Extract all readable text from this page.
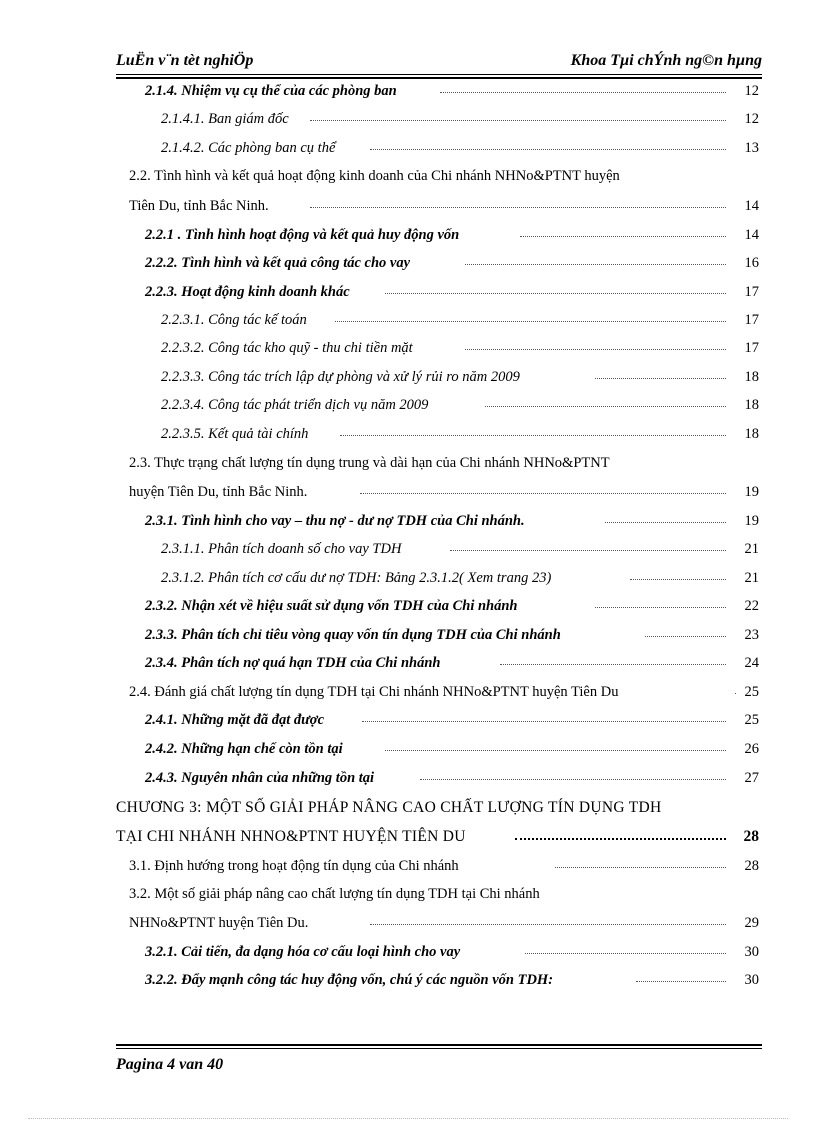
LuËn v¨n tèt nghiÖp	Khoa Tµi chÝnh ng©n hµng
2.1.4. Nhiệm vụ cụ thể của các phòng ban	12
2.1.4.1. Ban giám đốc	12
2.1.4.2. Các phòng ban cụ thể	13
2.2. Tình hình và kết quả hoạt động kinh doanh của Chi nhánh NHNo&PTNT huyện
Tiên Du, tỉnh Bắc Ninh.	14
2.2.1 . Tình hình hoạt động và kết quả huy động vốn	14
2.2.2. Tình hình và kết quả công tác cho vay	16
2.2.3. Hoạt động kinh doanh khác	17
2.2.3.1. Công tác kế toán	17
2.2.3.2. Công tác kho quỹ - thu chi tiền mặt	17
2.2.3.3. Công tác trích lập dự phòng và xử lý rủi ro năm 2009	18
2.2.3.4. Công tác phát triển dịch vụ năm 2009	18
2.2.3.5. Kết quả tài chính	18
2.3. Thực trạng chất lượng tín dụng trung và dài hạn của Chi nhánh NHNo&PTNT
huyện Tiên Du, tỉnh Bắc Ninh.	19
2.3.1. Tình hình cho vay – thu nợ - dư nợ TDH của Chi nhánh.	19
2.3.1.1. Phân tích doanh số cho vay TDH	21
2.3.1.2. Phân tích cơ cấu dư nợ TDH: Bảng 2.3.1.2( Xem trang 23)	21
2.3.2. Nhận xét về hiệu suất sử dụng vốn TDH của Chi nhánh	22
2.3.3. Phân tích chỉ tiêu vòng quay vốn tín dụng TDH của Chi nhánh	23
2.3.4. Phân tích nợ quá hạn TDH của Chi nhánh	24
2.4. Đánh giá chất lượng tín dụng TDH tại Chi nhánh NHNo&PTNT huyện Tiên Du	25
2.4.1. Những mặt đã đạt được	25
2.4.2. Những hạn chế còn tồn tại	26
2.4.3. Nguyên nhân của những tồn tại	27
CHƯƠNG 3: MỘT SỐ GIẢI PHÁP NÂNG CAO CHẤT LƯỢNG TÍN DỤNG TDH
TẠI CHI NHÁNH NHNO&PTNT HUYỆN TIÊN DU	28
3.1. Định hướng trong hoạt động tín dụng của Chi nhánh	28
3.2. Một số giải pháp nâng cao chất lượng tín dụng TDH tại Chi nhánh
NHNo&PTNT huyện Tiên Du.	29
3.2.1. Cải tiến, đa dạng hóa cơ cấu loại hình cho vay	30
3.2.2. Đẩy mạnh công tác huy động vốn, chú ý các nguồn vốn TDH:	30
Pagina 4 van 40
